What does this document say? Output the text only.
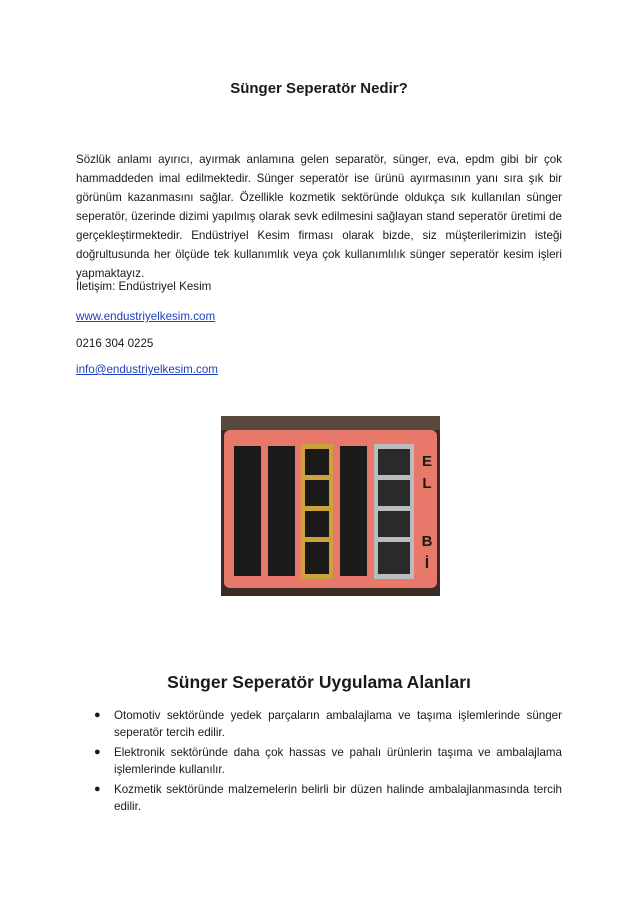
Sünger Seperatör Nedir?

Sözlük anlamı ayırıcı, ayırmak anlamına gelen separatör, sünger, eva, epdm gibi bir çok hammaddeden imal edilmektedir. Sünger seperatör ise ürünü ayırmasının yanı sıra şık bir görünüm kazanmasını sağlar. Özellikle kozmetik sektöründe oldukça sık kullanılan sünger seperatör, üzerinde dizimi yapılmış olarak sevk edilmesini sağlayan stand seperatör üretimi de gerçekleştirmektedir. Endüstriyel Kesim firması olarak bizde, siz müşterilerimizin isteği doğrultusunda her ölçüde tek kullanımlık veya çok kullanımlılık sünger seperatör kesim işleri yapmaktayız.

İletişim: Endüstriyel Kesim

www.endustriyelkesim.com

0216 304 0225

info@endustriyelkesim.com

E
L
B
İ
Sünger Seperatör Uygulama Alanları
● Otomotiv sektöründe yedek parçaların ambalajlama ve taşıma işlemlerinde sünger seperatör tercih edilir.
● Elektronik sektöründe daha çok hassas ve pahalı ürünlerin taşıma ve ambalajlama işlemlerinde kullanılır.
● Kozmetik sektöründe malzemelerin belirli bir düzen halinde ambalajlanmasında tercih edilir.
